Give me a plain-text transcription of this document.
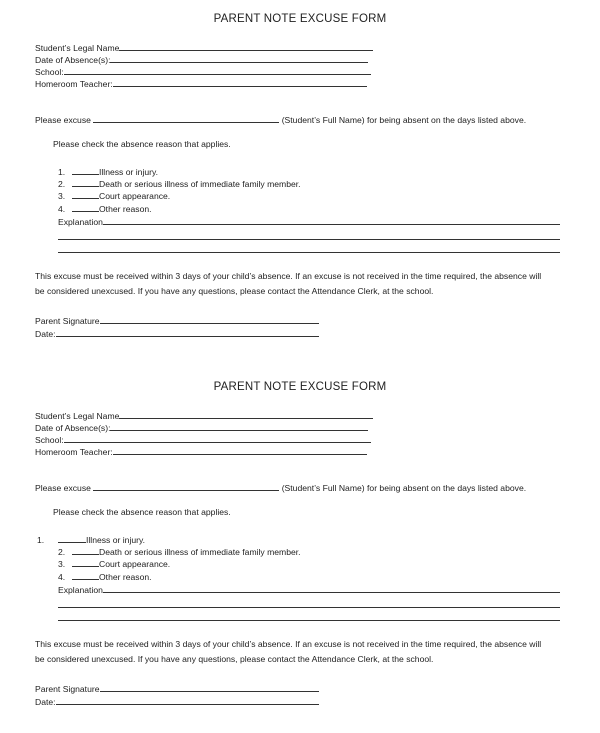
PARENT NOTE EXCUSE FORM
Student’s Legal Name
Date of Absence(s):
School:
Homeroom Teacher:
Please excuse	(Student’s Full Name) for being absent on the days listed above.
Please check the absence reason that applies.
1.	Illness or injury.
2.	Death or serious illness of immediate family member.
3.	Court appearance.
4.	Other reason.
Explanation
This excuse must be received within 3 days of your child’s absence. If an excuse is not received in the time required, the absence will
be considered unexcused. If you have any questions, please contact the Attendance Clerk, at the school.
Parent Signature
Date:
PARENT NOTE EXCUSE FORM
Student’s Legal Name
Date of Absence(s):
School:
Homeroom Teacher:
Please excuse	(Student’s Full Name) for being absent on the days listed above.
Please check the absence reason that applies.
1.	Illness or injury.
2.	Death or serious illness of immediate family member.
3.	Court appearance.
4.	Other reason.
Explanation
This excuse must be received within 3 days of your child’s absence. If an excuse is not received in the time required, the absence will
be considered unexcused. If you have any questions, please contact the Attendance Clerk, at the school.
Parent Signature
Date:
